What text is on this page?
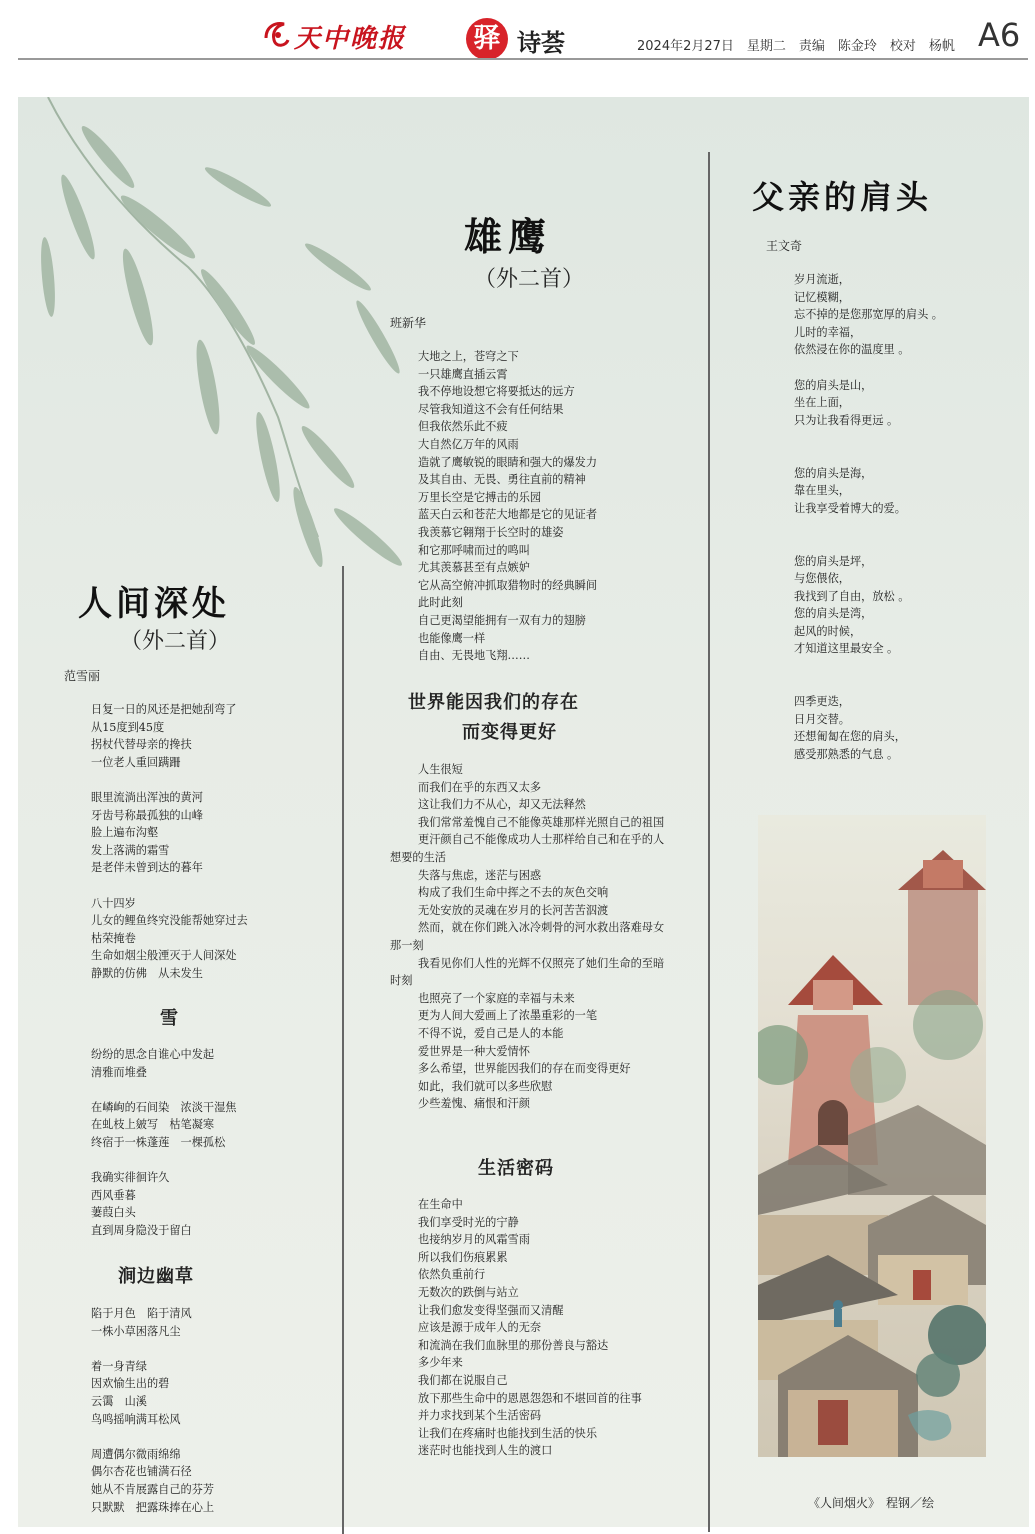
天中晚报 驿 诗荟	2024年2月27日　星期二　责编　陈金玲　校对　杨帆 A6
人间深处
（外二首）
范雪丽
日复一日的风还是把她刮弯了
从15度到45度
拐杖代替母亲的搀扶
一位老人重回蹒跚
眼里流淌出浑浊的黄河
牙齿号称最孤独的山峰
脸上遍布沟壑
发上落满的霜雪
是老伴未曾到达的暮年
八十四岁
儿女的鲤鱼终究没能帮她穿过去
枯荣掩卷
生命如烟尘般湮灭于人间深处
静默的仿佛　从未发生
雪
纷纷的思念自谁心中发起
清雅而堆叠
在嶙峋的石间染　浓淡干湿焦
在虬枝上皴写　枯笔凝寒
终宿于一株蓬莲　一棵孤松
我确实徘徊许久
西风垂暮
萋葭白头
直到周身隐没于留白
涧边幽草
陷于月色　陷于清风
一株小草困落凡尘
着一身青绿
因欢愉生出的碧
云霭　山溪
鸟鸣摇响满耳松风
周遭偶尔微雨绵绵
偶尔杏花也铺满石径
她从不肯展露自己的芬芳
只默默　把露珠捧在心上
雄鹰
（外二首）
班新华
大地之上，苍穹之下
一只雄鹰直插云霄
我不停地设想它将要抵达的远方
尽管我知道这不会有任何结果
但我依然乐此不疲
大自然亿万年的风雨
造就了鹰敏锐的眼睛和强大的爆发力
及其自由、无畏、勇往直前的精神
万里长空是它搏击的乐园
蓝天白云和苍茫大地都是它的见证者
我羡慕它翱翔于长空时的雄姿
和它那呼啸而过的鸣叫
尤其羡慕甚至有点嫉妒
它从高空俯冲抓取猎物时的经典瞬间
此时此刻
自己更渴望能拥有一双有力的翅膀
也能像鹰一样
自由、无畏地飞翔……
世界能因我们的存在
而变得更好
人生很短
而我们在乎的东西又太多
这让我们力不从心，却又无法释然
我们常常羞愧自己不能像英雄那样光照自己的祖国
更汗颜自己不能像成功人士那样给自己和在乎的人想要的生活
失落与焦虑，迷茫与困惑
构成了我们生命中挥之不去的灰色交响
无处安放的灵魂在岁月的长河苦苦泅渡
然而，就在你们跳入冰冷刺骨的河水救出落难母女那一刻
我看见你们人性的光辉不仅照亮了她们生命的至暗时刻
也照亮了一个家庭的幸福与未来
更为人间大爱画上了浓墨重彩的一笔
不得不说，爱自己是人的本能
爱世界是一种大爱情怀
多么希望，世界能因我们的存在而变得更好
如此，我们就可以多些欣慰
少些羞愧、痛恨和汗颜
生活密码
在生命中
我们享受时光的宁静
也接纳岁月的风霜雪雨
所以我们伤痕累累
依然负重前行
无数次的跌倒与站立
让我们愈发变得坚强而又清醒
应该是源于成年人的无奈
和流淌在我们血脉里的那份善良与豁达
多少年来
我们都在说服自己
放下那些生命中的恩恩怨怨和不堪回首的往事
并力求找到某个生活密码
让我们在疼痛时也能找到生活的快乐
迷茫时也能找到人生的渡口
父亲的肩头
王文奇
岁月流逝，
记忆模糊，
忘不掉的是您那宽厚的肩头 。
儿时的幸福，
依然浸在你的温度里 。
您的肩头是山，
坐在上面，
只为让我看得更远 。
您的肩头是海，
靠在里头，
让我享受着博大的爱。
您的肩头是坪，
与您偎依，
我找到了自由，放松 。
您的肩头是湾，
起风的时候，
才知道这里最安全 。
四季更迭，
日月交替。
还想匍匐在您的肩头，
感受那熟悉的气息 。
《人间烟火》　程钢／绘
